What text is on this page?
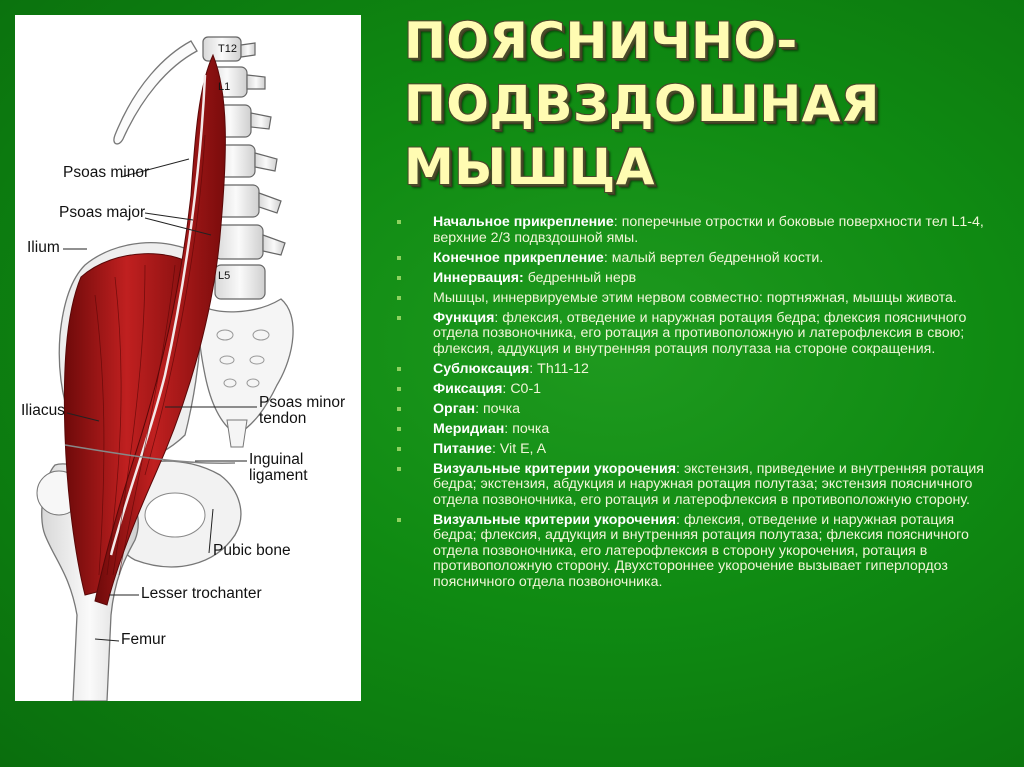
T12
L1
L5
Psoas minor
Psoas major
Ilium
Iliacus	Psoas minor
tendon
Inguinal
ligament
Pubic bone
Lesser trochanter
Femur
ПОЯСНИЧНО-
ПОДВЗДОШНАЯ
МЫШЦА
Начальное прикрепление: поперечные отростки и боковые поверхности тел L1-4, верхние 2/3 подвздошной ямы.
Конечное прикрепление: малый вертел бедренной кости.
Иннервация: бедренный нерв
Мышцы, иннервируемые этим нервом совместно: портняжная, мышцы живота.
Функция: флексия, отведение и наружная ротация бедра; флексия поясничного отдела позвоночника, его ротация а противоположную и латерофлексия в свою; флексия, аддукция и внутренняя ротация полутаза на стороне сокращения.
Сублюксация: Th11-12
Фиксация: C0-1
Орган: почка
Меридиан: почка
Питание: Vit E, A
Визуальные критерии укорочения: экстензия, приведение и внутренняя ротация бедра; экстензия, абдукция и наружная ротация полутаза; экстензия поясничного отдела позвоночника, его ротация и латерофлексия в противоположную сторону.
Визуальные критерии укорочения: флексия, отведение и наружная ротация бедра; флексия, аддукция и внутренняя ротация полутаза; флексия поясничного отдела позвоночника, его латерофлексия в сторону укорочения, ротация в противоположную сторону. Двухстороннее укорочение вызывает гиперлордоз поясничного отдела позвоночника.
